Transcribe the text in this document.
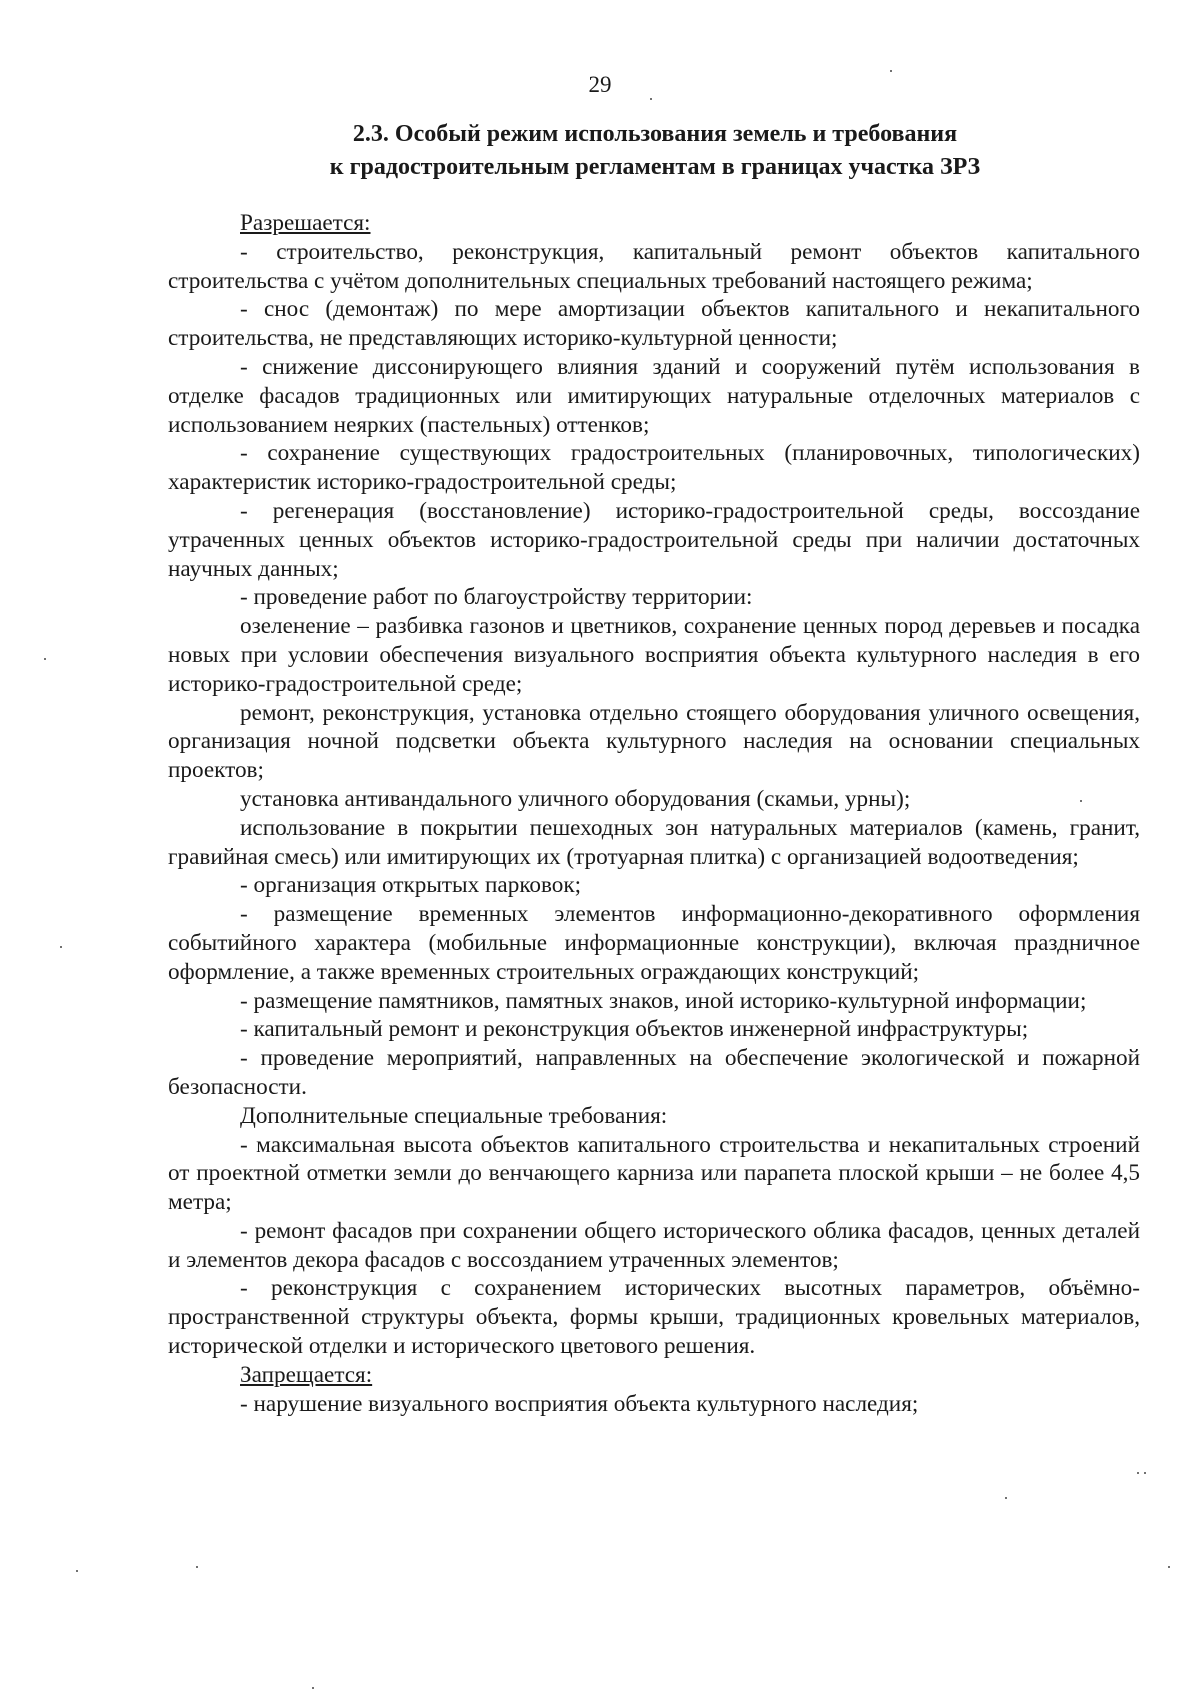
29
2.3. Особый режим использования земель и требования
к градостроительным регламентам в границах участка ЗРЗ

Разрешается:

- строительство, реконструкция, капитальный ремонт объектов капитального строительства с учётом дополнительных специальных требований настоящего режима;

- снос (демонтаж) по мере амортизации объектов капитального и некапитального строительства, не представляющих историко-культурной ценности;

- снижение диссонирующего влияния зданий и сооружений путём использования в отделке фасадов традиционных или имитирующих натуральные отделочных материалов с использованием неярких (пастельных) оттенков;

- сохранение существующих градостроительных (планировочных, типологических) характеристик историко-градостроительной среды;

- регенерация (восстановление) историко-градостроительной среды, воссоздание утраченных ценных объектов историко-градостроительной среды при наличии достаточных научных данных;

- проведение работ по благоустройству территории:

озеленение – разбивка газонов и цветников, сохранение ценных пород деревьев и посадка новых при условии обеспечения визуального восприятия объекта культурного наследия в его историко-градостроительной среде;

ремонт, реконструкция, установка отдельно стоящего оборудования уличного освещения, организация ночной подсветки объекта культурного наследия на основании специальных проектов;

установка антивандального уличного оборудования (скамьи, урны);

использование в покрытии пешеходных зон натуральных материалов (камень, гранит, гравийная смесь) или имитирующих их (тротуарная плитка) с организацией водоотведения;

- организация открытых парковок;

- размещение временных элементов информационно-декоративного оформления событийного характера (мобильные информационные конструкции), включая праздничное оформление, а также временных строительных ограждающих конструкций;

- размещение памятников, памятных знаков, иной историко-культурной информации;

- капитальный ремонт и реконструкция объектов инженерной инфраструктуры;

- проведение мероприятий, направленных на обеспечение экологической и пожарной безопасности.

Дополнительные специальные требования:

- максимальная высота объектов капитального строительства и некапитальных строений от проектной отметки земли до венчающего карниза или парапета плоской крыши – не более 4,5 метра;

- ремонт фасадов при сохранении общего исторического облика фасадов, ценных деталей и элементов декора фасадов с воссозданием утраченных элементов;

- реконструкция с сохранением исторических высотных параметров, объёмно-пространственной структуры объекта, формы крыши, традиционных кровельных материалов, исторической отделки и исторического цветового решения.

Запрещается:

- нарушение визуального восприятия объекта культурного наследия;
